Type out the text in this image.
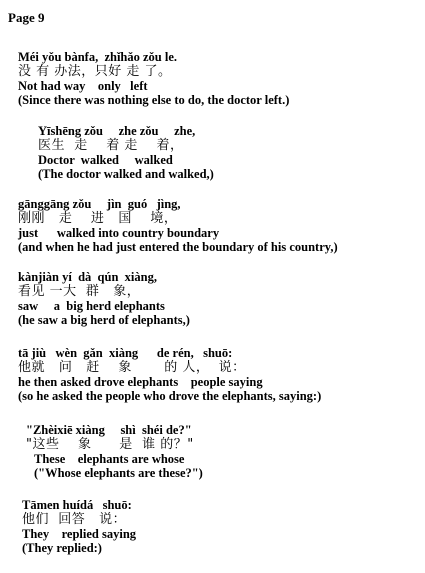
Page 9
Méi yǒu bànfa,  zhǐhǎo zǒu le.
没 有 办法，只好 走 了。
Not had way    only   left
(Since there was nothing else to do, the doctor left.)
Yīshēng zǒu     zhe zǒu     zhe,
医生  走    着 走    着，
Doctor  walked     walked
(The doctor walked and walked,)
gānggāng zǒu     jìn  guó   jìng,
刚刚   走    进   国    境，
just      walked into country boundary
(and when he had just entered the boundary of his country,)
kànjiàn yí  dà  qún  xiàng,
看见 一大  群   象，
saw     a  big herd elephants
(he saw a big herd of elephants,)
tā jiù   wèn  gǎn  xiàng      de rén,   shuō:
他就   问   赶    象       的 人，  说：
he then asked drove elephants    people saying
(so he asked the people who drove the elephants, saying:)
"Zhèixiē xiàng     shì  shéi de?"
"这些    象      是  谁 的？"
These    elephants are whose
("Whose elephants are these?")
Tāmen huídá   shuō:
他们  回答   说：
They    replied saying
(They replied:)
